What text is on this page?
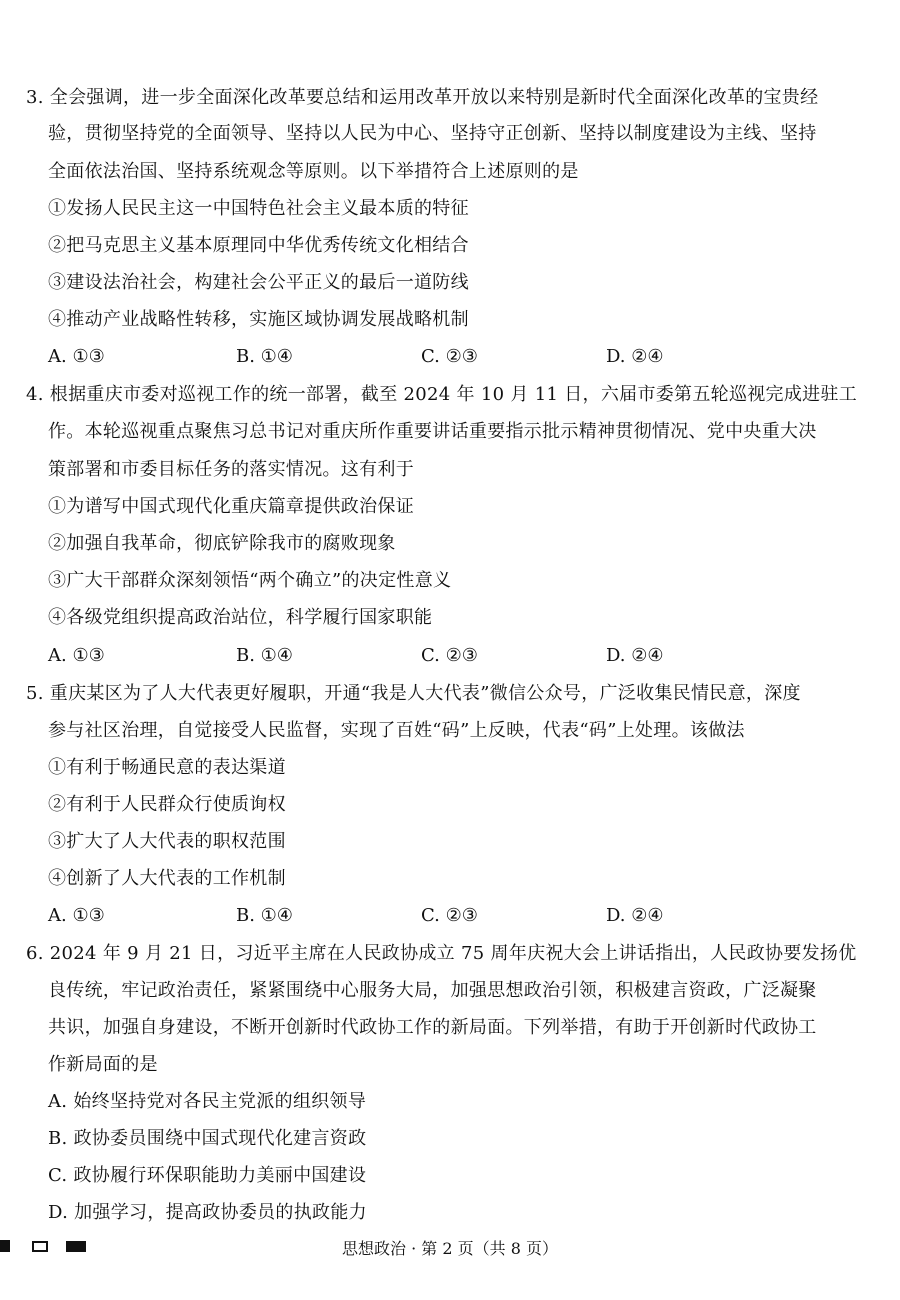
3. 全会强调，进一步全面深化改革要总结和运用改革开放以来特别是新时代全面深化改革的宝贵经
验，贯彻坚持党的全面领导、坚持以人民为中心、坚持守正创新、坚持以制度建设为主线、坚持
全面依法治国、坚持系统观念等原则。以下举措符合上述原则的是
①发扬人民民主这一中国特色社会主义最本质的特征
②把马克思主义基本原理同中华优秀传统文化相结合
③建设法治社会，构建社会公平正义的最后一道防线
④推动产业战略性转移，实施区域协调发展战略机制
A. ①③	B. ①④	C. ②③	D. ②④
4. 根据重庆市委对巡视工作的统一部署，截至 2024 年 10 月 11 日，六届市委第五轮巡视完成进驻工
作。本轮巡视重点聚焦习总书记对重庆所作重要讲话重要指示批示精神贯彻情况、党中央重大决
策部署和市委目标任务的落实情况。这有利于
①为谱写中国式现代化重庆篇章提供政治保证
②加强自我革命，彻底铲除我市的腐败现象
③广大干部群众深刻领悟“两个确立”的决定性意义
④各级党组织提高政治站位，科学履行国家职能
A. ①③	B. ①④	C. ②③	D. ②④
5. 重庆某区为了人大代表更好履职，开通“我是人大代表”微信公众号，广泛收集民情民意，深度
参与社区治理，自觉接受人民监督，实现了百姓“码”上反映，代表“码”上处理。该做法
①有利于畅通民意的表达渠道
②有利于人民群众行使质询权
③扩大了人大代表的职权范围
④创新了人大代表的工作机制
A. ①③	B. ①④	C. ②③	D. ②④
6. 2024 年 9 月 21 日，习近平主席在人民政协成立 75 周年庆祝大会上讲话指出，人民政协要发扬优
良传统，牢记政治责任，紧紧围绕中心服务大局，加强思想政治引领，积极建言资政，广泛凝聚
共识，加强自身建设，不断开创新时代政协工作的新局面。下列举措，有助于开创新时代政协工
作新局面的是
A. 始终坚持党对各民主党派的组织领导
B. 政协委员围绕中国式现代化建言资政
C. 政协履行环保职能助力美丽中国建设
D. 加强学习，提高政协委员的执政能力
思想政治 · 第 2 页（共 8 页）
